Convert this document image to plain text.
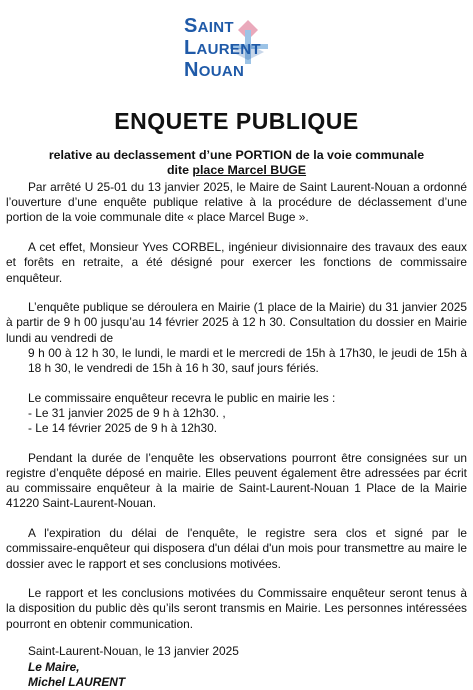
SAINT
LAURENT
NOUAN
ENQUETE PUBLIQUE
relative au declassement d’une PORTION de la voie communale
dite place Marcel BUGE

Par arrêté U 25-01 du 13 janvier 2025, le Maire de Saint Laurent-Nouan a ordonné l’ouverture d’une enquête publique relative à la procédure de déclassement d’une portion de la voie communale dite « place Marcel Buge ».

A cet effet, Monsieur Yves CORBEL, ingénieur divisionnaire des travaux des eaux et forêts en retraite, a été désigné pour exercer les fonctions de commissaire enquêteur.

L’enquête publique se déroulera en Mairie (1 place de la Mairie) du 31 janvier 2025 à partir de 9 h 00 jusqu’au 14 février 2025 à 12 h 30. Consultation du dossier en Mairie lundi au vendredi de

9 h 00 à 12 h 30, le lundi, le mardi et le mercredi de 15h à 17h30, le jeudi de 15h à 18 h 30, le vendredi de 15h à 16 h 30, sauf jours fériés.

Le commissaire enquêteur recevra le public en mairie les :
- Le 31 janvier 2025 de 9 h à 12h30. ,
- Le 14 février 2025 de 9 h à 12h30.

Pendant la durée de l’enquête les observations pourront être consignées sur un registre d’enquête déposé en mairie. Elles peuvent également être adressées par écrit au commissaire enquêteur à la mairie de Saint-Laurent-Nouan 1 Place de la Mairie 41220 Saint-Laurent-Nouan.

A l'expiration du délai de l'enquête, le registre sera clos et signé par le commissaire-enquêteur qui disposera d'un délai d'un mois pour transmettre au maire le dossier avec le rapport et ses conclusions motivées.

Le rapport et les conclusions motivées du Commissaire enquêteur seront tenus à la disposition du public dès qu’ils seront transmis en Mairie. Les personnes intéressées pourront en obtenir communication.

Saint-Laurent-Nouan, le 13 janvier 2025
Le Maire,
Michel LAURENT
